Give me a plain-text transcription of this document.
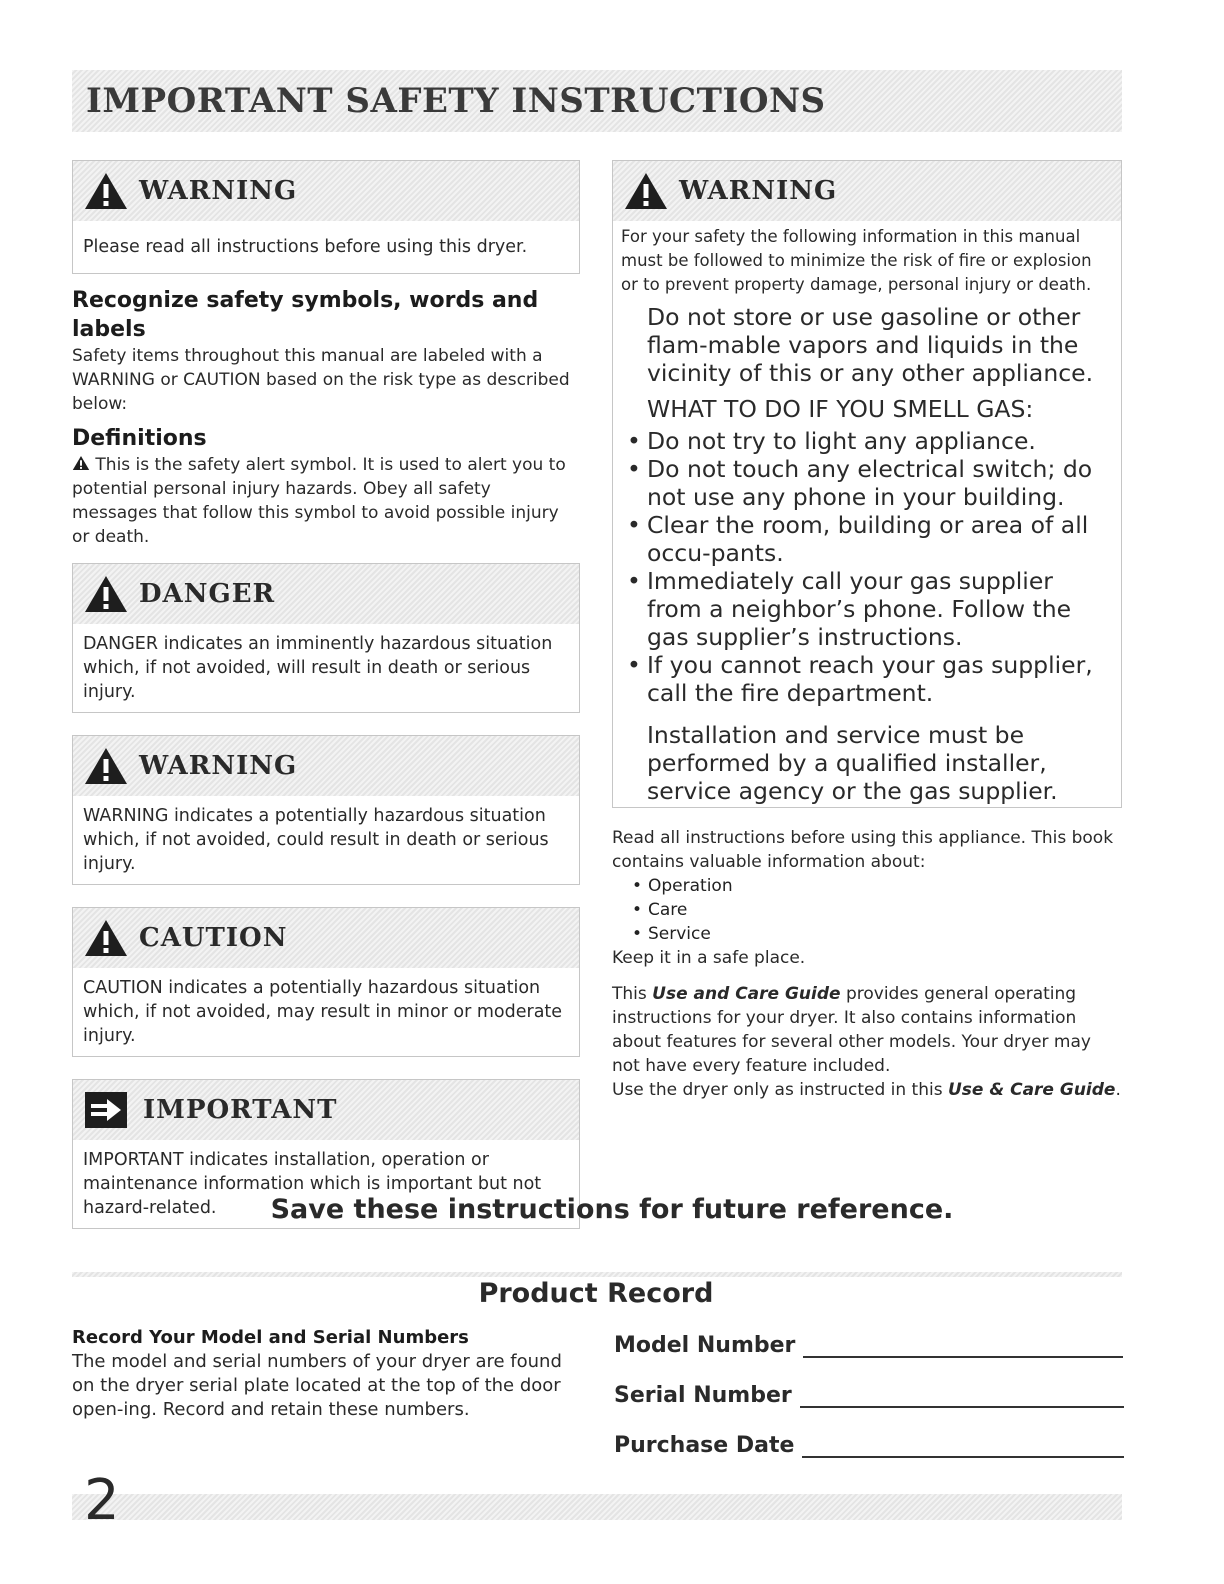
IMPORTANT SAFETY INSTRUCTIONS
WARNING
Please read all instructions before using this dryer.
Recognize safety symbols, words and labels

Safety items throughout this manual are labeled with a WARNING or CAUTION based on the risk type as described below:

Definitions

This is the safety alert symbol. It is used to alert you to potential personal injury hazards. Obey all safety messages that follow this symbol to avoid possible injury or death.

DANGER
DANGER indicates an imminently hazardous situation which, if not avoided, will result in death or serious injury.
WARNING
WARNING indicates a potentially hazardous situation which, if not avoided, could result in death or serious injury.
CAUTION
CAUTION indicates a potentially hazardous situation which, if not avoided, may result in minor or moderate injury.
IMPORTANT
IMPORTANT indicates installation, operation or maintenance information which is important but not hazard-related.
WARNING

For your safety the following information in this manual must be followed to minimize the risk of fire or explosion or to prevent property damage, personal injury or death.

Do not store or use gasoline or other flam-mable vapors and liquids in the vicinity of this or any other appliance.

WHAT TO DO IF YOU SMELL GAS:

• Do not try to light any appliance.
• Do not touch any electrical switch; do not use any phone in your building.
• Clear the room, building or area of all occu-pants.
• Immediately call your gas supplier from a neighbor’s phone. Follow the gas supplier’s instructions.
• If you cannot reach your gas supplier, call the fire department.

Installation and service must be performed by a qualified installer, service agency or the gas supplier.

Read all instructions before using this appliance. This book contains valuable information about:

• Operation
• Care
• Service

Keep it in a safe place.

This Use and Care Guide provides general operating instructions for your dryer. It also contains information about features for several other models. Your dryer may not have every feature included.

Use the dryer only as instructed in this Use & Care Guide.

Save these instructions for future reference.
Product Record
Record Your Model and Serial Numbers

The model and serial numbers of your dryer are found on the dryer serial plate located at the top of the door open-ing. Record and retain these numbers.

Model Number
Serial Number
Purchase Date
2
